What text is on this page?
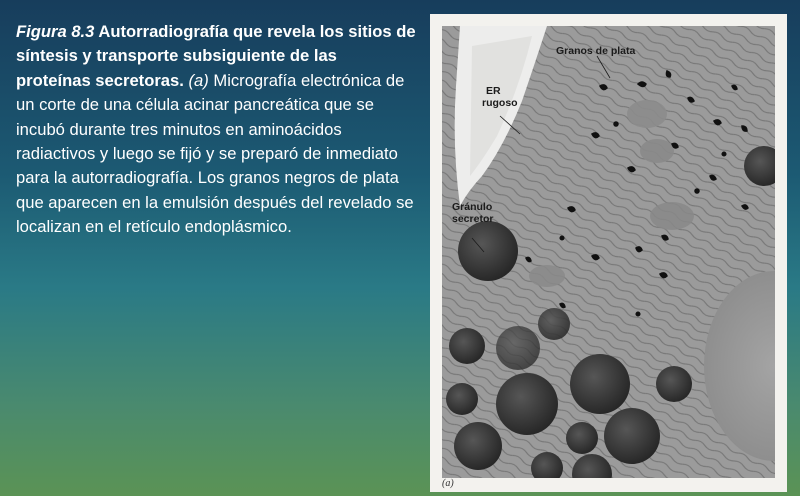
Figura 8.3 Autorradiografía que revela los sitios de síntesis y transporte subsiguiente de las proteínas secretoras. (a) Micrografía electrónica de un corte de una célula acinar pancreática que se incubó durante tres minutos en aminoácidos radiactivos y luego se fijó y se preparó de inmediato para la autorradiografía. Los granos negros de plata que aparecen en la emulsión después del revelado se localizan en el retículo endoplásmico.
Granos de plata
ER
rugoso
Gránulo
secretor
(a)
